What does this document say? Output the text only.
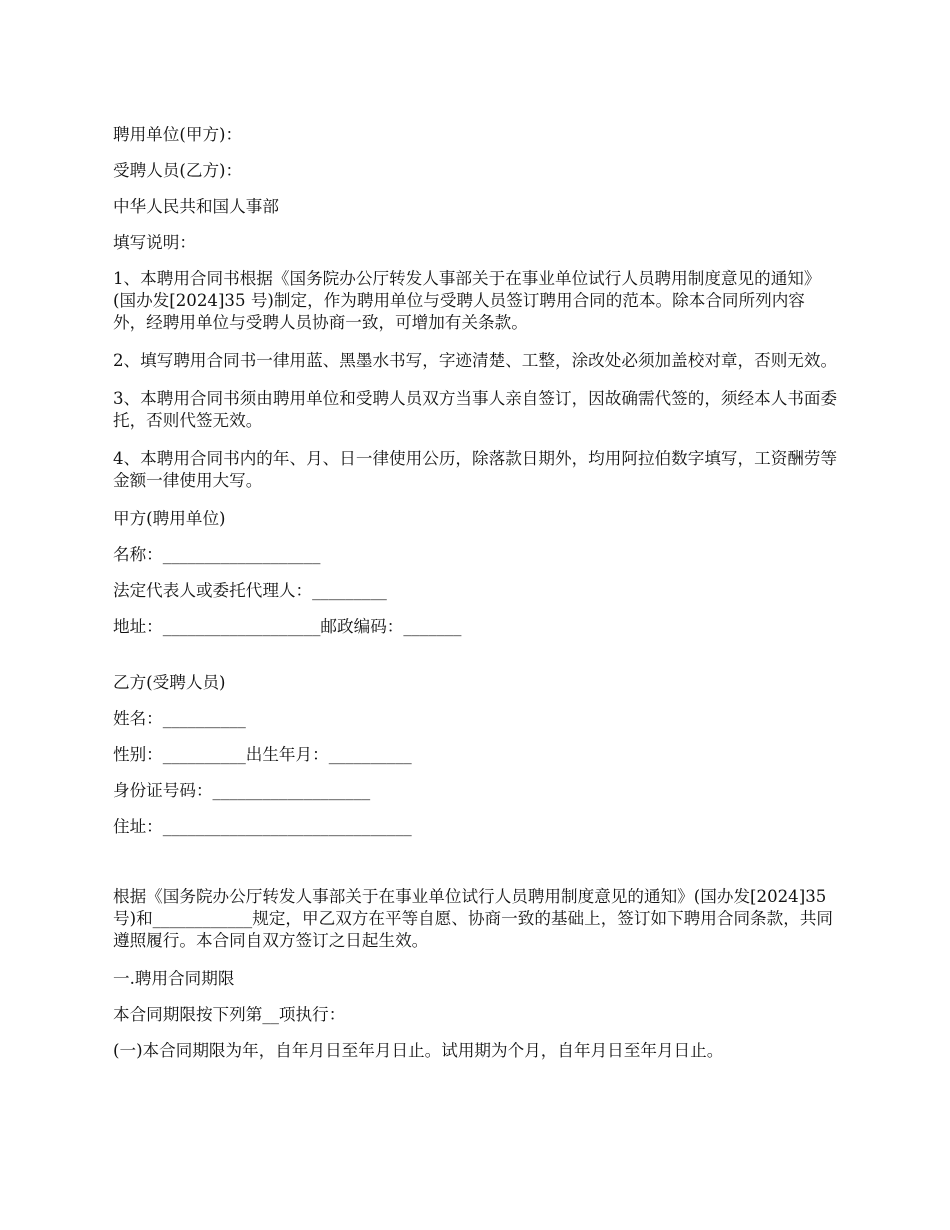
聘用单位(甲方)：

受聘人员(乙方)：

中华人民共和国人事部

填写说明：

1、本聘用合同书根据《国务院办公厅转发人事部关于在事业单位试行人员聘用制度意见的通知》(国办发[2024]35 号)制定，作为聘用单位与受聘人员签订聘用合同的范本。除本合同所列内容外，经聘用单位与受聘人员协商一致，可增加有关条款。

2、填写聘用合同书一律用蓝、黑墨水书写，字迹清楚、工整，涂改处必须加盖校对章，否则无效。

3、本聘用合同书须由聘用单位和受聘人员双方当事人亲自签订，因故确需代签的，须经本人书面委托，否则代签无效。

4、本聘用合同书内的年、月、日一律使用公历，除落款日期外，均用阿拉伯数字填写，工资酬劳等金额一律使用大写。

甲方(聘用单位)

名称：___________________

法定代表人或委托代理人：_________

地址：___________________邮政编码：_______

乙方(受聘人员)

姓名：__________

性别：__________出生年月：__________

身份证号码：___________________

住址：______________________________

根据《国务院办公厅转发人事部关于在事业单位试行人员聘用制度意见的通知》(国办发[2024]35 号)和____________规定，甲乙双方在平等自愿、协商一致的基础上，签订如下聘用合同条款，共同遵照履行。本合同自双方签订之日起生效。

一.聘用合同期限

本合同期限按下列第__项执行：

(一)本合同期限为年，自年月日至年月日止。试用期为个月，自年月日至年月日止。
